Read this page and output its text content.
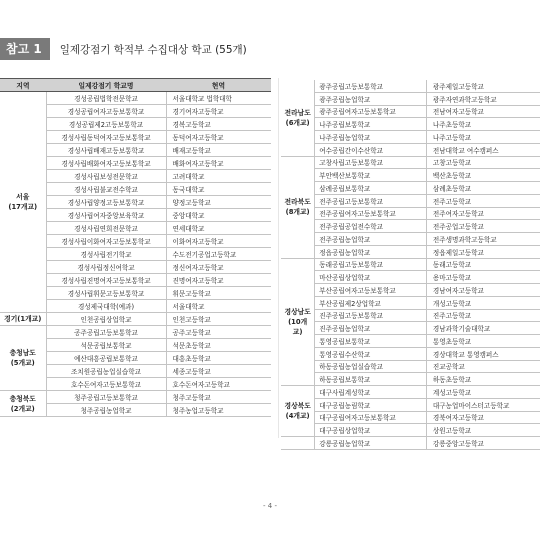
참고 1	일제강점기 학적부 수집대상 학교 (55개)
지역	일제강점기 학교명	현역
서울
(17개교)	경성공립법학전문학교	서울대학교 법학대학
	경성공립여자고등보통학교	경기여자고등학교
	경성공립제2고등보통학교	경복고등학교
	경성사립동덕여자고등보통학교	동덕여자고등학교
	경성사립배재고등보통학교	배재고등학교
	경성사립배화여자고등보통학교	배화여자고등학교
	경성사립보성전문학교	고려대학교
	경성사립불교전수학교	동국대학교
	경성사립양정고등보통학교	양정고등학교
	경성사립여자중앙보육학교	중앙대학교
	경성사립연희전문학교	연세대학교
	경성사립이화여자고등보통학교	이화여자고등학교
	경성사립전기학교	수도전기공업고등학교
	경성사립정신여학교	정신여자고등학교
	경성사립진명여자고등보통학교	진명여자고등학교
	경성사립휘문고등보통학교	휘문고등학교
	경성제국대학(예과)	서울대학교
경기(1개교)	인천공립상업학교	인천고등학교
충청남도
(5개교)	공주공립고등보통학교	공주고등학교
	석문공립보통학교	석문초등학교
	예산대흥공립보통학교	대흥초등학교
	조치원공립농업실습학교	세종고등학교
	호수돈여자고등보통학교	호수돈여자고등학교
충청북도
(2개교)	청주공립고등보통학교	청주고등학교
	청주공립농업학교	청주농업고등학교
전라남도
(6개교)	광주공립고등보통학교	광주제일고등학교
	광주공립농업학교	광주자연과학고등학교
	광주공립여자고등보통학교	전남여자고등학교
	나주공립보통학교	나주초등학교
	나주공립농업학교	나주고등학교
	여수공립간이수산학교	전남대학교 여수캠퍼스
전라북도
(8개교)	고창사립고등보통학교	고창고등학교
	부안백산보통학교	백산초등학교
	삼례공립보통학교	삼례초등학교
	전주공립고등보통학교	전주고등학교
	전주공립여자고등보통학교	전주여자고등학교
	전주공립공업전수학교	전주공업고등학교
	전주공립농업학교	전주생명과학고등학교
	정읍공립농업학교	정읍제일고등학교
경상남도
(10개교)	동래공립고등보통학교	동래고등학교
	마산공립상업학교	용마고등학교
	부산공립여자고등보통학교	경남여자고등학교
	부산공립제2상업학교	개성고등학교
	진주공립고등보통학교	진주고등학교
	진주공립농업학교	경남과학기술대학교
	통영공립보통학교	통영초등학교
	통영공립수산학교	경상대학교 통영캠퍼스
	하동공립농업실습학교	진교공학교
	하동공립보통학교	하동초등학교
경상북도
(4개교)	대구사립계성학교	계성고등학교
	대구공립농림학교	대구농업마이스터고등학교
	대구공립여자고등보통학교	경북여자고등학교
	대구공립상업학교	상원고등학교
	강릉공립농업학교	강릉중앙고등학교
- 4 -
